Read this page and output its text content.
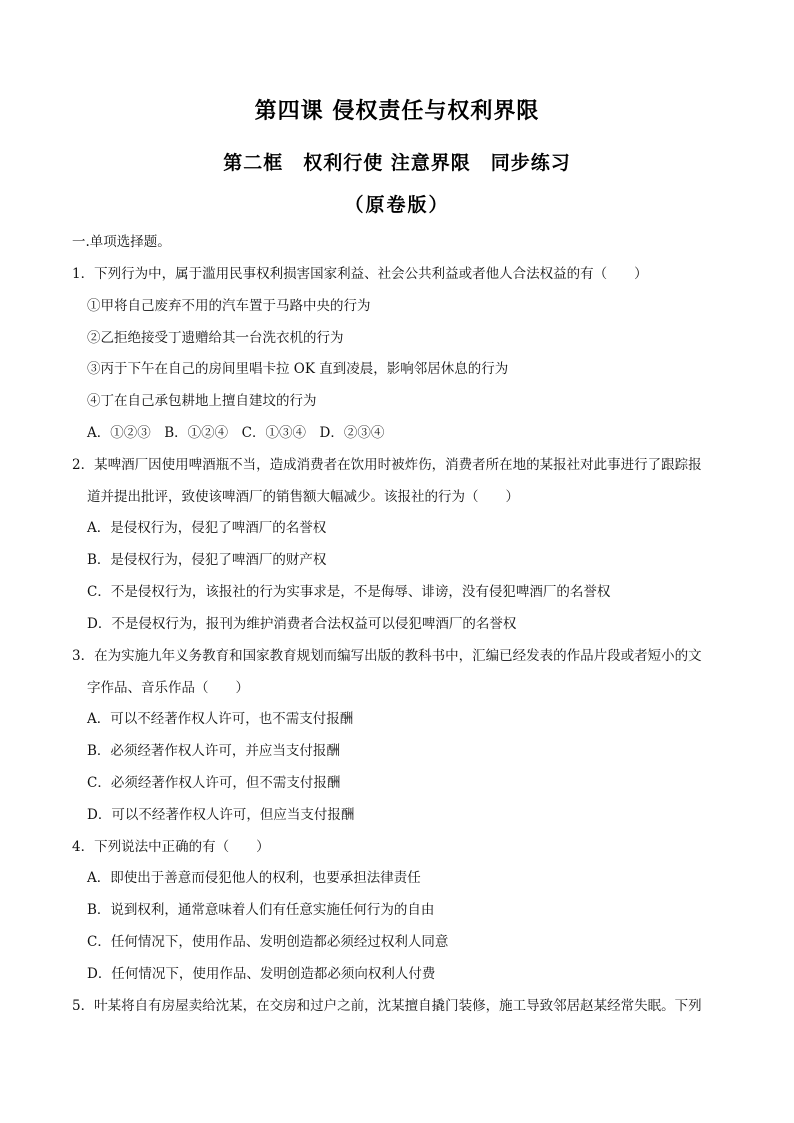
第四课 侵权责任与权利界限
第二框　权利行使 注意界限　同步练习
（原卷版）
一.单项选择题。
1．下列行为中，属于滥用民事权利损害国家利益、社会公共利益或者他人合法权益的有（　　）
①甲将自己废弃不用的汽车置于马路中央的行为
②乙拒绝接受丁遗赠给其一台洗衣机的行为
③丙于下午在自己的房间里唱卡拉 OK 直到凌晨，影响邻居休息的行为
④丁在自己承包耕地上擅自建坟的行为
A．①②③　B．①②④　C．①③④　D．②③④
2．某啤酒厂因使用啤酒瓶不当，造成消费者在饮用时被炸伤，消费者所在地的某报社对此事进行了跟踪报
道并提出批评，致使该啤酒厂的销售额大幅减少。该报社的行为（　　）
A．是侵权行为，侵犯了啤酒厂的名誉权
B．是侵权行为，侵犯了啤酒厂的财产权
C．不是侵权行为，该报社的行为实事求是，不是侮辱、诽谤，没有侵犯啤酒厂的名誉权
D．不是侵权行为，报刊为维护消费者合法权益可以侵犯啤酒厂的名誉权
3．在为实施九年义务教育和国家教育规划而编写出版的教科书中，汇编已经发表的作品片段或者短小的文
字作品、音乐作品（　　）
A．可以不经著作权人许可，也不需支付报酬
B．必须经著作权人许可，并应当支付报酬
C．必须经著作权人许可，但不需支付报酬
D．可以不经著作权人许可，但应当支付报酬
4．下列说法中正确的有（　　）
A．即使出于善意而侵犯他人的权利，也要承担法律责任
B．说到权利，通常意味着人们有任意实施任何行为的自由
C．任何情况下，使用作品、发明创造都必须经过权利人同意
D．任何情况下，使用作品、发明创造都必须向权利人付费
5．叶某将自有房屋卖给沈某，在交房和过户之前，沈某擅自撬门装修，施工导致邻居赵某经常失眠。下列
